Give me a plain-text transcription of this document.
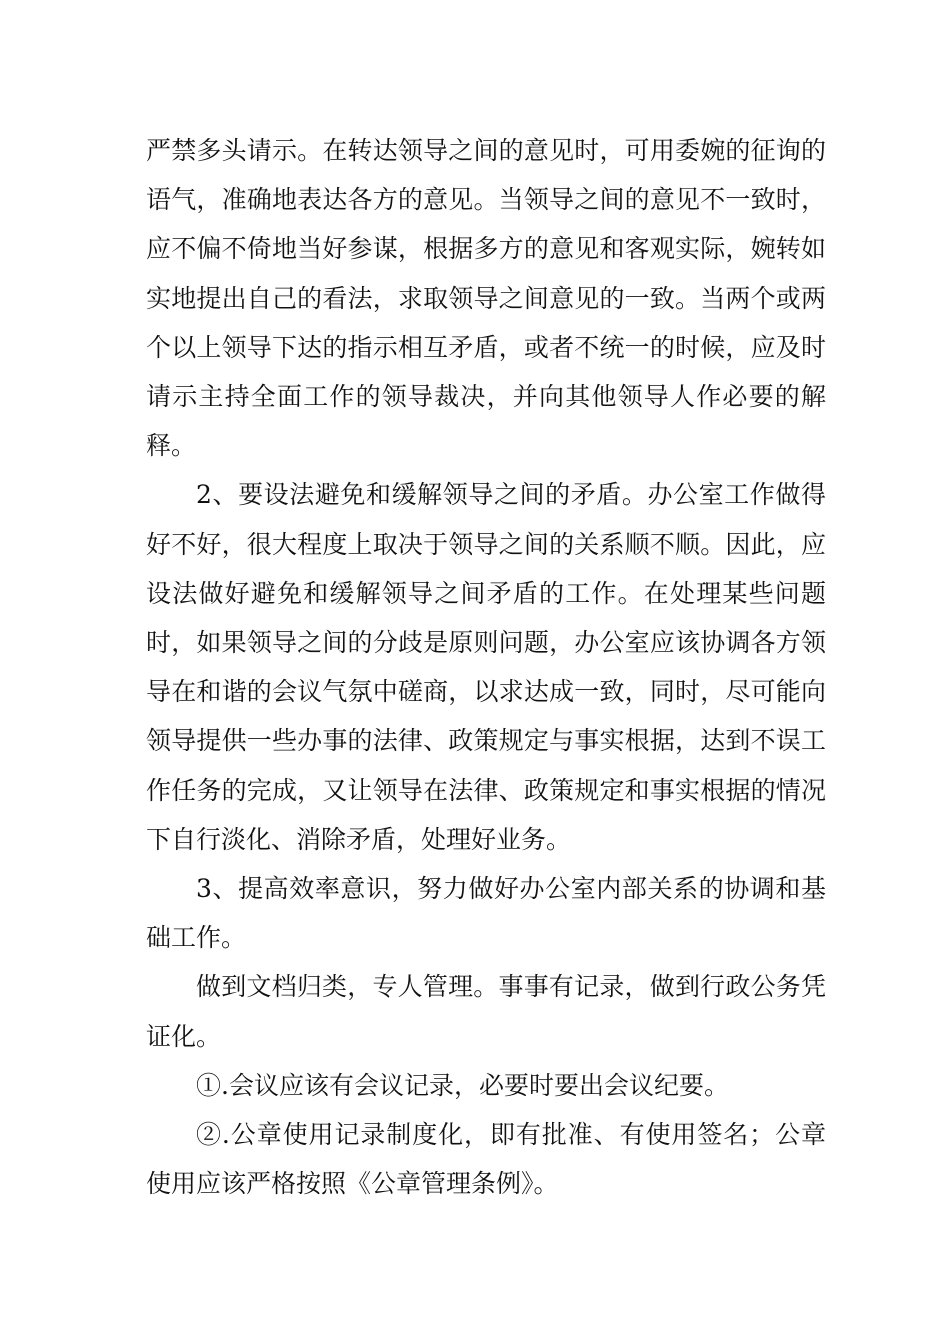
严禁多头请示。在转达领导之间的意见时，可用委婉的征询的语气，准确地表达各方的意见。当领导之间的意见不一致时，应不偏不倚地当好参谋，根据多方的意见和客观实际，婉转如实地提出自己的看法，求取领导之间意见的一致。当两个或两个以上领导下达的指示相互矛盾，或者不统一的时候，应及时请示主持全面工作的领导裁决，并向其他领导人作必要的解释。

2、要设法避免和缓解领导之间的矛盾。办公室工作做得好不好，很大程度上取决于领导之间的关系顺不顺。因此，应设法做好避免和缓解领导之间矛盾的工作。在处理某些问题时，如果领导之间的分歧是原则问题，办公室应该协调各方领导在和谐的会议气氛中磋商，以求达成一致，同时，尽可能向领导提供一些办事的法律、政策规定与事实根据，达到不误工作任务的完成，又让领导在法律、政策规定和事实根据的情况下自行淡化、消除矛盾，处理好业务。

3、提高效率意识，努力做好办公室内部关系的协调和基础工作。

做到文档归类，专人管理。事事有记录，做到行政公务凭证化。

①.会议应该有会议记录，必要时要出会议纪要。

②.公章使用记录制度化，即有批准、有使用签名；公章使用应该严格按照《公章管理条例》。
